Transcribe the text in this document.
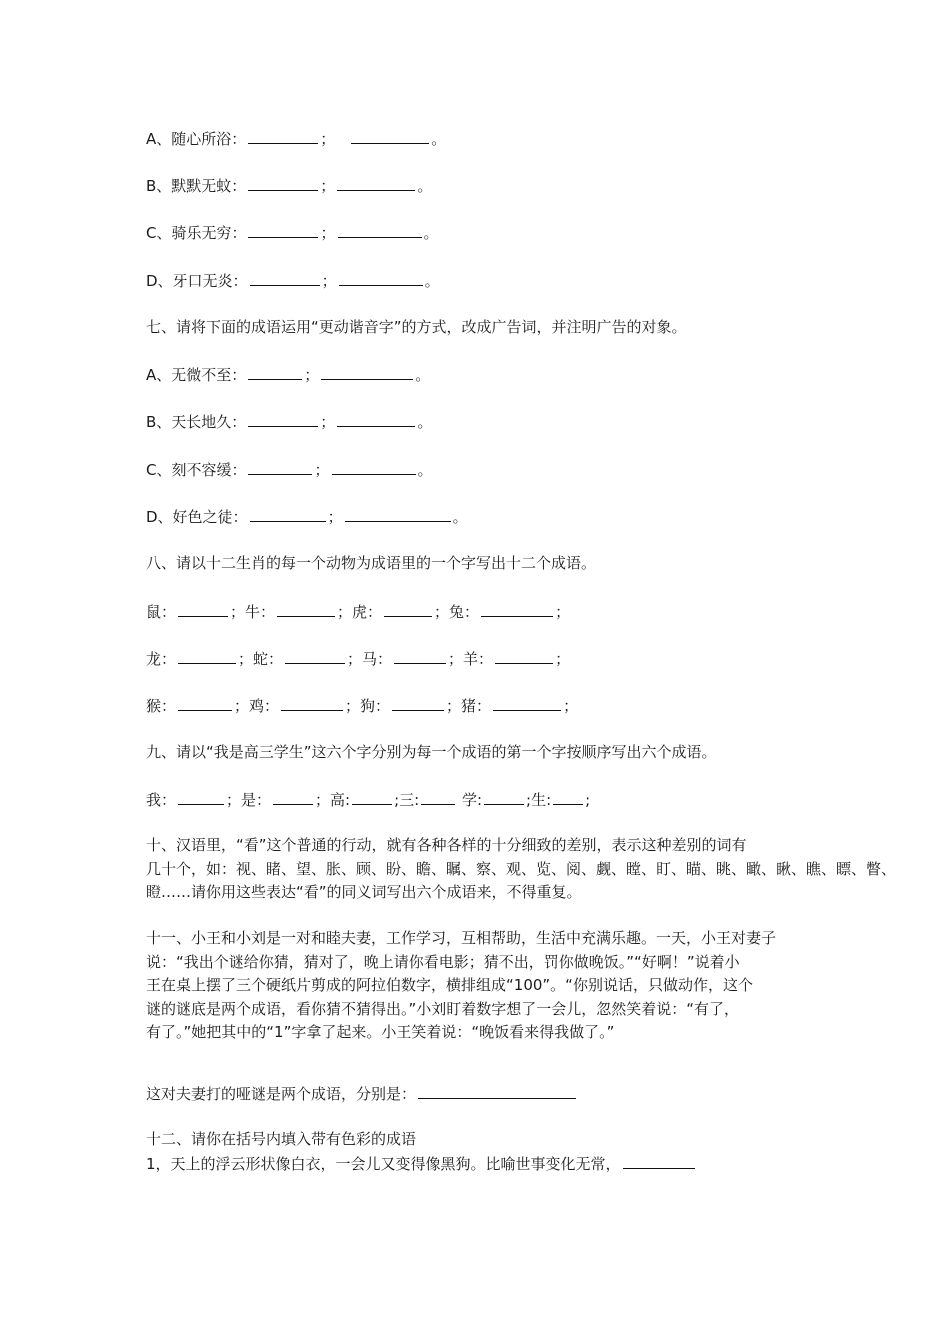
A、随心所浴：	；	。
B、默默无蚊：	；	。
C、骑乐无穷：	；	。
D、牙口无炎：	；	。
七、请将下面的成语运用“更动谐音字”的方式，改成广告词，并注明广告的对象。
A、无微不至：	；	。
B、天长地久：	；	。
C、刻不容缓：	；	。
D、好色之徒：	；	。
八、请以十二生肖的每一个动物为成语里的一个字写出十二个成语。
鼠：	；牛：	；虎：	；兔：	；
龙：	；蛇：	；马：	；羊：	；
猴：	；鸡：	；狗：	；猪：	；
九、请以“我是高三学生”这六个字分别为每一个成语的第一个字按顺序写出六个成语。
我：	；是：	；高:	;三:	学:	;生: ;
十、汉语里，“看”这个普通的行动，就有各种各样的十分细致的差别，表示这种差别的词有
几十个，如：视、睹、望、胀、顾、盼、瞻、瞩、察、观、览、阅、觑、瞠、盯、瞄、眺、瞰、瞅、瞧、瞟、瞥、
瞪……请你用这些表达“看”的同义词写出六个成语来，不得重复。
十一、小王和小刘是一对和睦夫妻，工作学习，互相帮助，生活中充满乐趣。一天，小王对妻子
说：“我出个谜给你猜，猜对了，晚上请你看电影；猜不出，罚你做晚饭。”“好啊！”说着小
王在桌上摆了三个硬纸片剪成的阿拉伯数字，横排组成“100”。“你别说话，只做动作，这个
谜的谜底是两个成语，看你猜不猜得出。”小刘盯着数字想了一会儿，忽然笑着说：“有了，
有了。”她把其中的“1”字拿了起来。小王笑着说：“晚饭看来得我做了。”
这对夫妻打的哑谜是两个成语，分别是：
十二、请你在括号内填入带有色彩的成语
1，天上的浮云形状像白衣，一会儿又变得像黑狗。比喻世事变化无常，
